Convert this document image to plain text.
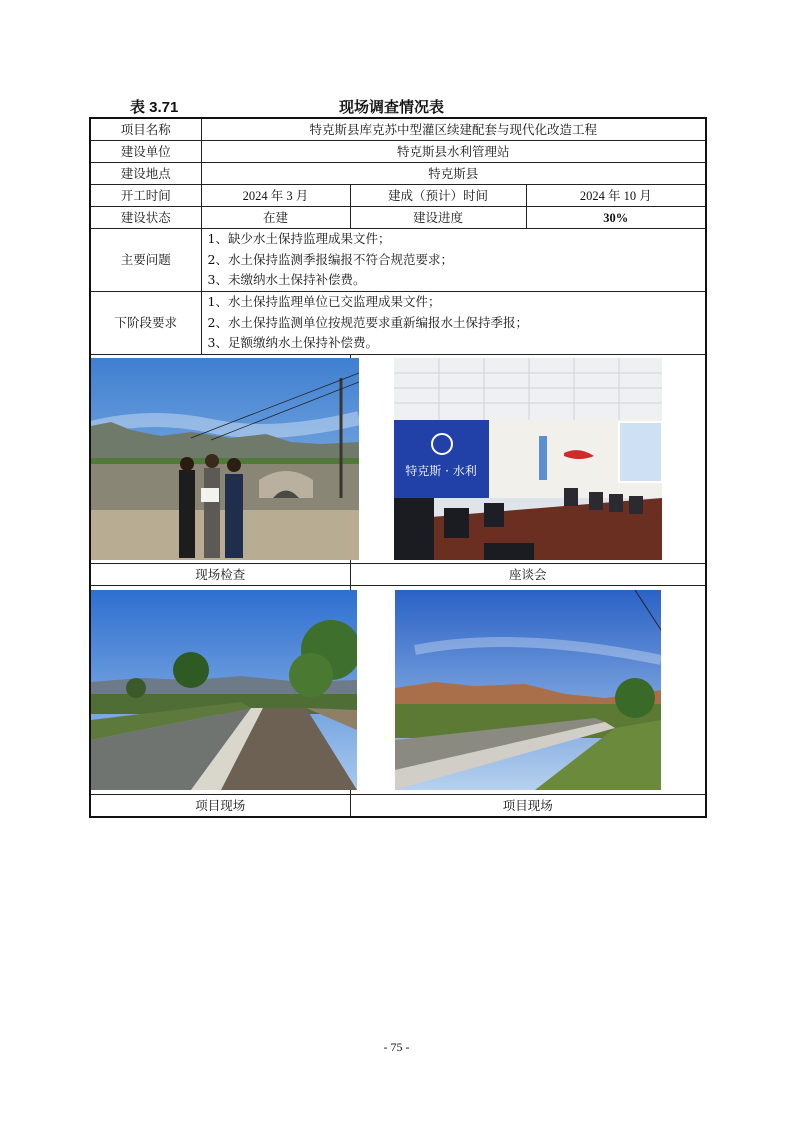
表 3.71	现场调查情况表
项目名称	特克斯县库克苏中型灌区续建配套与现代化改造工程		
建设单位	特克斯县水利管理站		
建设地点	特克斯县		
开工时间	2024 年 3 月	建成（预计）时间	2024 年 10 月
建设状态	在建	建设进度	30%
主要问题	1、缺少水土保持监理成果文件；
2、水土保持监测季报编报不符合规范要求；
3、未缴纳水土保持补偿费。		

下阶段要求	1、水土保持监理单位已交监理成果文件；
2、水土保持监测单位按规范要求重新编报水土保持季报；
3、足额缴纳水土保持补偿费。		

特克斯 · 水利	

现场检查		座谈会	

项目现场		项目现场	
- 75 -
